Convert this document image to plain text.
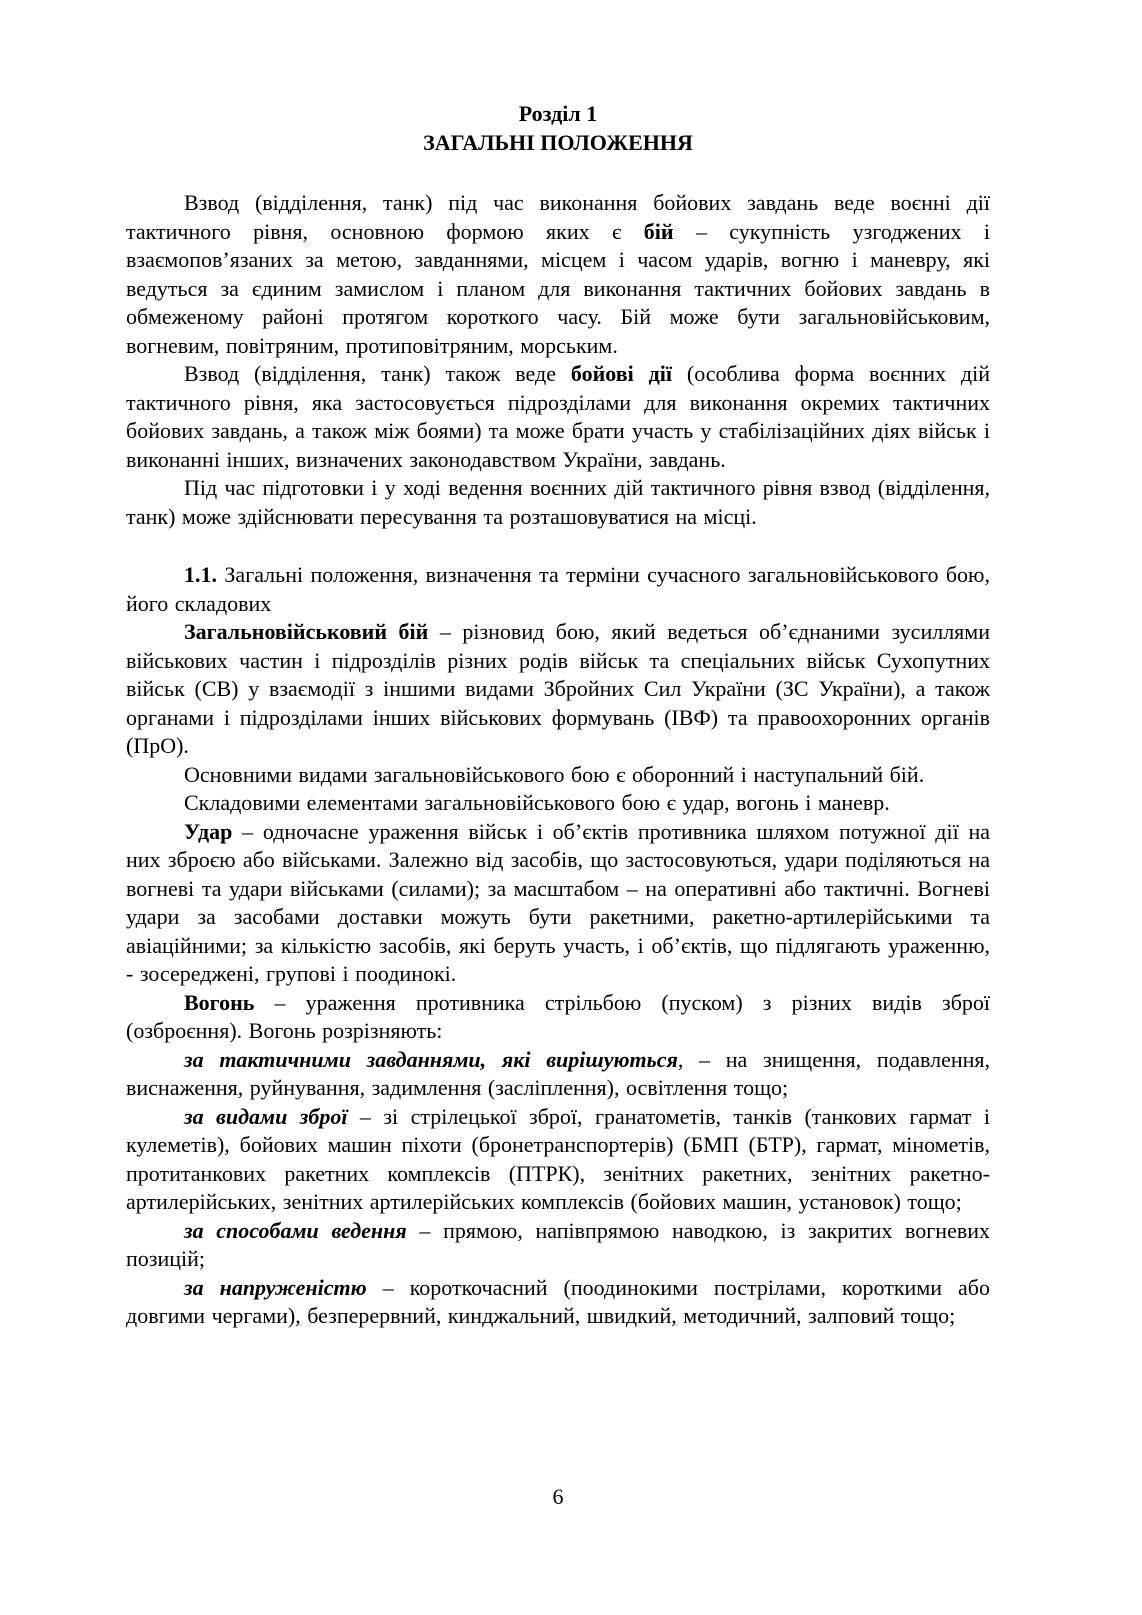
Розділ 1

ЗАГАЛЬНІ ПОЛОЖЕННЯ

Взвод (відділення, танк) під час виконання бойових завдань веде воєнні дії тактичного рівня, основною формою яких є бій – сукупність узгоджених і взаємопов’язаних за метою, завданнями, місцем і часом ударів, вогню і маневру, які ведуться за єдиним замислом і планом для виконання тактичних бойових завдань в обмеженому районі протягом короткого часу. Бій може бути загальновійськовим, вогневим, повітряним, протиповітряним, морським.

Взвод (відділення, танк) також веде бойові дії (особлива форма воєнних дій тактичного рівня, яка застосовується підрозділами для виконання окремих тактичних бойових завдань, а також між боями) та може брати участь у стабілізаційних діях військ і виконанні інших, визначених законодавством України, завдань.

Під час підготовки і у ході ведення воєнних дій тактичного рівня взвод (відділення, танк) може здійснювати пересування та розташовуватися на місці.

1.1. Загальні положення, визначення та терміни сучасного загальновійськового бою, його складових

Загальновійськовий бій – різновид бою, який ведеться об’єднаними зусиллями військових частин і підрозділів різних родів військ та спеціальних військ Сухопутних військ (СВ) у взаємодії з іншими видами Збройних Сил України (ЗС України), а також органами і підрозділами інших військових формувань (ІВФ) та правоохоронних органів (ПрО).

Основними видами загальновійськового бою є оборонний і наступальний бій.

Складовими елементами загальновійськового бою є удар, вогонь і маневр.

Удар – одночасне ураження військ і об’єктів противника шляхом потужної дії на них зброєю або військами. Залежно від засобів, що застосовуються, удари поділяються на вогневі та удари військами (силами); за масштабом – на оперативні або тактичні. Вогневі удари за засобами доставки можуть бути ракетними, ракетно-артилерійськими та авіаційними; за кількістю засобів, які беруть участь, і об’єктів, що підлягають ураженню, - зосереджені, групові і поодинокі.

Вогонь – ураження противника стрільбою (пуском) з різних видів зброї (озброєння). Вогонь розрізняють:

за тактичними завданнями, які вирішуються, – на знищення, подавлення, виснаження, руйнування, задимлення (засліплення), освітлення тощо;

за видами зброї – зі стрілецької зброї, гранатометів, танків (танкових гармат і кулеметів), бойових машин піхоти (бронетранспортерів) (БМП (БТР), гармат, мінометів, протитанкових ракетних комплексів (ПТРК), зенітних ракетних, зенітних ракетно-артилерійських, зенітних артилерійських комплексів (бойових машин, установок) тощо;

за способами ведення – прямою, напівпрямою наводкою, із закритих вогневих позицій;

за напруженістю – короткочасний (поодинокими пострілами, короткими або довгими чергами), безперервний, кинджальний, швидкий, методичний, залповий тощо;

6
